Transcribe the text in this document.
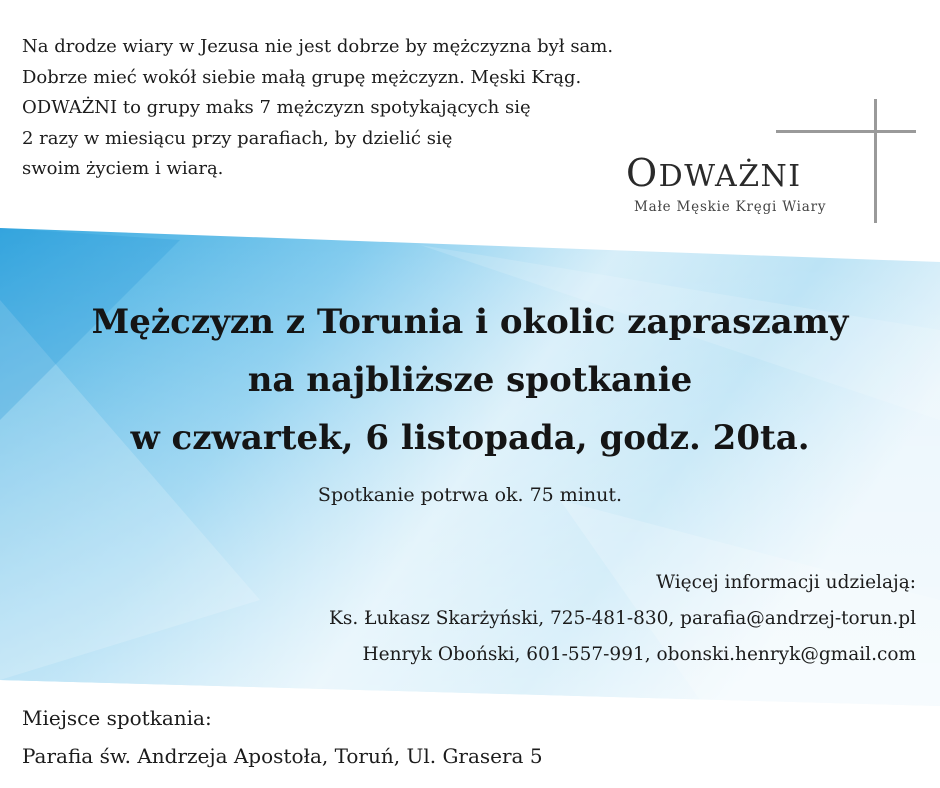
Na drodze wiary w Jezusa nie jest dobrze by mężczyzna był sam.
Dobrze mieć wokół siebie małą grupę mężczyzn. Męski Krąg.
ODWAŻNI to grupy maks 7 mężczyzn spotykających się
2 razy w miesiącu przy parafiach, by dzielić się
swoim życiem i wiarą.	ODWAŻNI
Małe Męskie Kręgi Wiary
Mężczyzn z Torunia i okolic zapraszamy
na najbliższe spotkanie
w czwartek, 6 listopada, godz. 20ta.
Spotkanie potrwa ok. 75 minut.
Więcej informacji udzielają:
Ks. Łukasz Skarżyński, 725-481-830, parafia@andrzej-torun.pl
Henryk Oboński, 601-557-991, obonski.henryk@gmail.com
Miejsce spotkania:
Parafia św. Andrzeja Apostoła, Toruń, Ul. Grasera 5
